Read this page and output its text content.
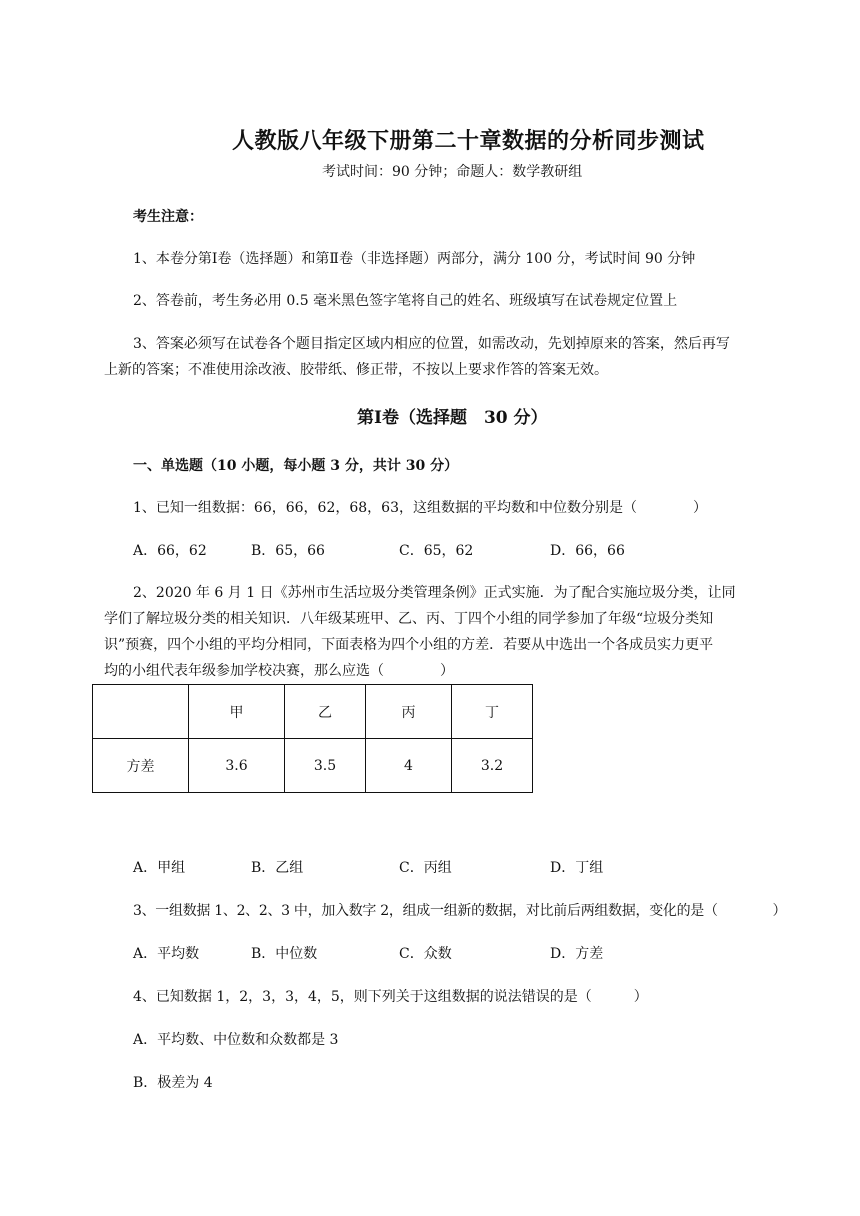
人教版八年级下册第二十章数据的分析同步测试
考试时间：90 分钟；命题人：数学教研组
考生注意：
1、本卷分第Ⅰ卷（选择题）和第Ⅱ卷（非选择题）两部分，满分 100 分，考试时间 90 分钟
2、答卷前，考生务必用 0.5 毫米黑色签字笔将自己的姓名、班级填写在试卷规定位置上
3、答案必须写在试卷各个题目指定区域内相应的位置，如需改动，先划掉原来的答案，然后再写
上新的答案；不准使用涂改液、胶带纸、修正带，不按以上要求作答的答案无效。
第Ⅰ卷（选择题　30 分）
一、单选题（10 小题，每小题 3 分，共计 30 分）
1、已知一组数据：66，66，62，68，63，这组数据的平均数和中位数分别是（　　　　）
A．66，62	B．65，66	C．65，62	D．66，66
2、2020 年 6 月 1 日《苏州市生活垃圾分类管理条例》正式实施．为了配合实施垃圾分类，让同
学们了解垃圾分类的相关知识．八年级某班甲、乙、丙、丁四个小组的同学参加了年级“垃圾分类知
识”预赛，四个小组的平均分相同，下面表格为四个小组的方差．若要从中选出一个各成员实力更平
均的小组代表年级参加学校决赛，那么应选（　　　　）
	甲	乙	丙	丁
方差	3.6	3.5	4	3.2
A．甲组	B．乙组	C．丙组	D．丁组
3、一组数据 1、2、2、3 中，加入数字 2，组成一组新的数据，对比前后两组数据，变化的是（　　　　）
A．平均数	B．中位数	C．众数	D．方差
4、已知数据 1，2，3，3，4，5，则下列关于这组数据的说法错误的是（　　　）
A．平均数、中位数和众数都是 3
B．极差为 4
